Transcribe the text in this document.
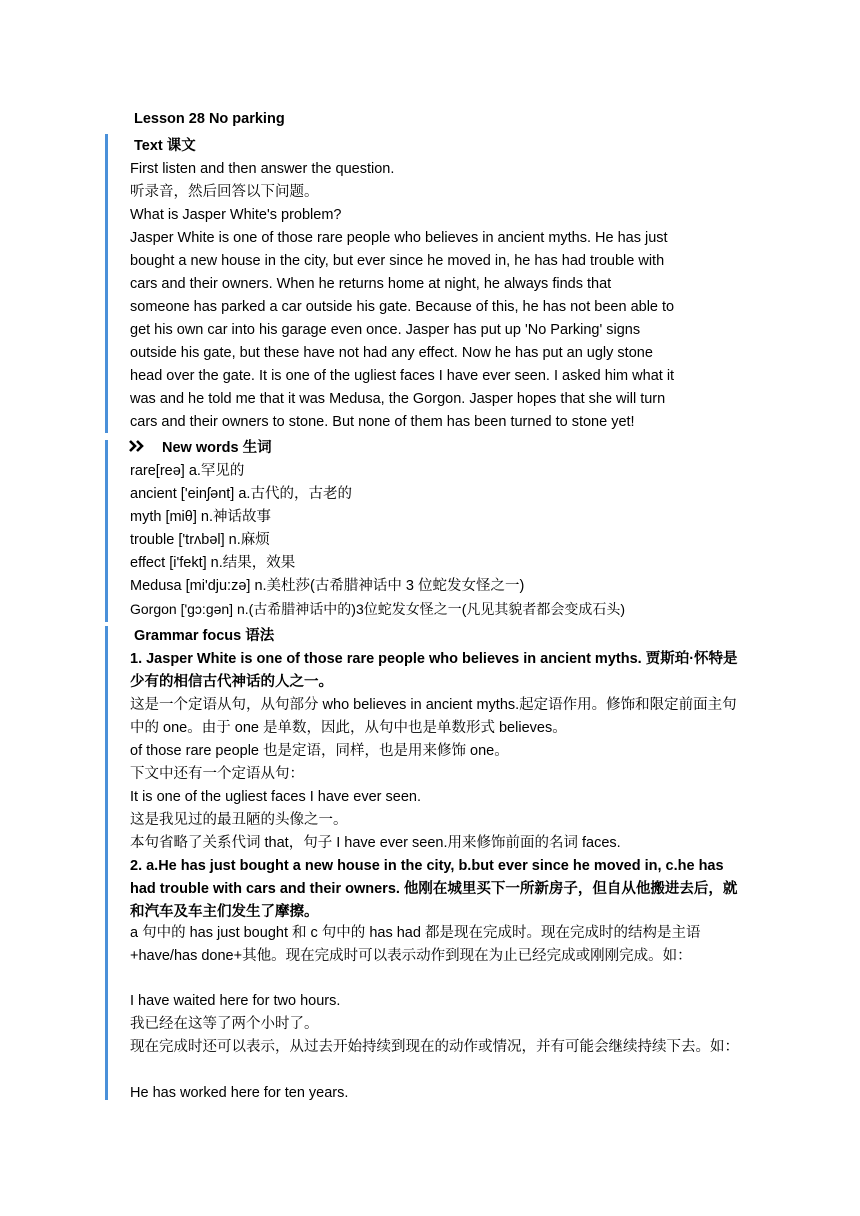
Lesson 28 No parking
Text 课文
First listen and then answer the question.
听录音，然后回答以下问题。
What is Jasper White's problem?
Jasper White is one of those rare people who believes in ancient myths. He has just
bought a new house in the city, but ever since he moved in, he has had trouble with
cars and their owners. When he returns home at night, he always finds that
someone has parked a car outside his gate. Because of this, he has not been able to
get his own car into his garage even once. Jasper has put up 'No Parking' signs
outside his gate, but these have not had any effect. Now he has put an ugly stone
head over the gate. It is one of the ugliest faces I have ever seen. I asked him what it
was and he told me that it was Medusa, the Gorgon. Jasper hopes that she will turn
cars and their owners to stone. But none of them has been turned to stone yet!
New words 生词
rare[reə] a.罕见的
ancient ['einʃənt] a.古代的，古老的
myth [miθ] n.神话故事
trouble ['trʌbəl] n.麻烦
effect [i'fekt] n.结果，效果
Medusa [mi'dju:zə] n.美杜莎(古希腊神话中 3 位蛇发女怪之一)
Gorgon ['gɔ:gən] n.(古希腊神话中的)3位蛇发女怪之一(凡见其貌者都会变成石头)
Grammar focus 语法
1. Jasper White is one of those rare people who believes in ancient myths. 贾斯珀·怀特是少有的相信古代神话的人之一。
这是一个定语从句，从句部分 who believes in ancient myths.起定语作用。修饰和限定前面主句中的 one。由于 one 是单数，因此，从句中也是单数形式 believes。
of those rare people 也是定语，同样，也是用来修饰 one。
下文中还有一个定语从句：
It is one of the ugliest faces I have ever seen.
这是我见过的最丑陋的头像之一。
本句省略了关系代词 that，句子 I have ever seen.用来修饰前面的名词 faces.
2. a.He has just bought a new house in the city, b.but ever since he moved in, c.he has had trouble with cars and their owners. 他刚在城里买下一所新房子，但自从他搬进去后，就和汽车及车主们发生了摩擦。
a 句中的 has just bought 和 c 句中的 has had 都是现在完成时。现在完成时的结构是主语+have/has done+其他。现在完成时可以表示动作到现在为止已经完成或刚刚完成。如：
I have waited here for two hours.
我已经在这等了两个小时了。
现在完成时还可以表示，从过去开始持续到现在的动作或情况，并有可能会继续持续下去。如：
He has worked here for ten years.
